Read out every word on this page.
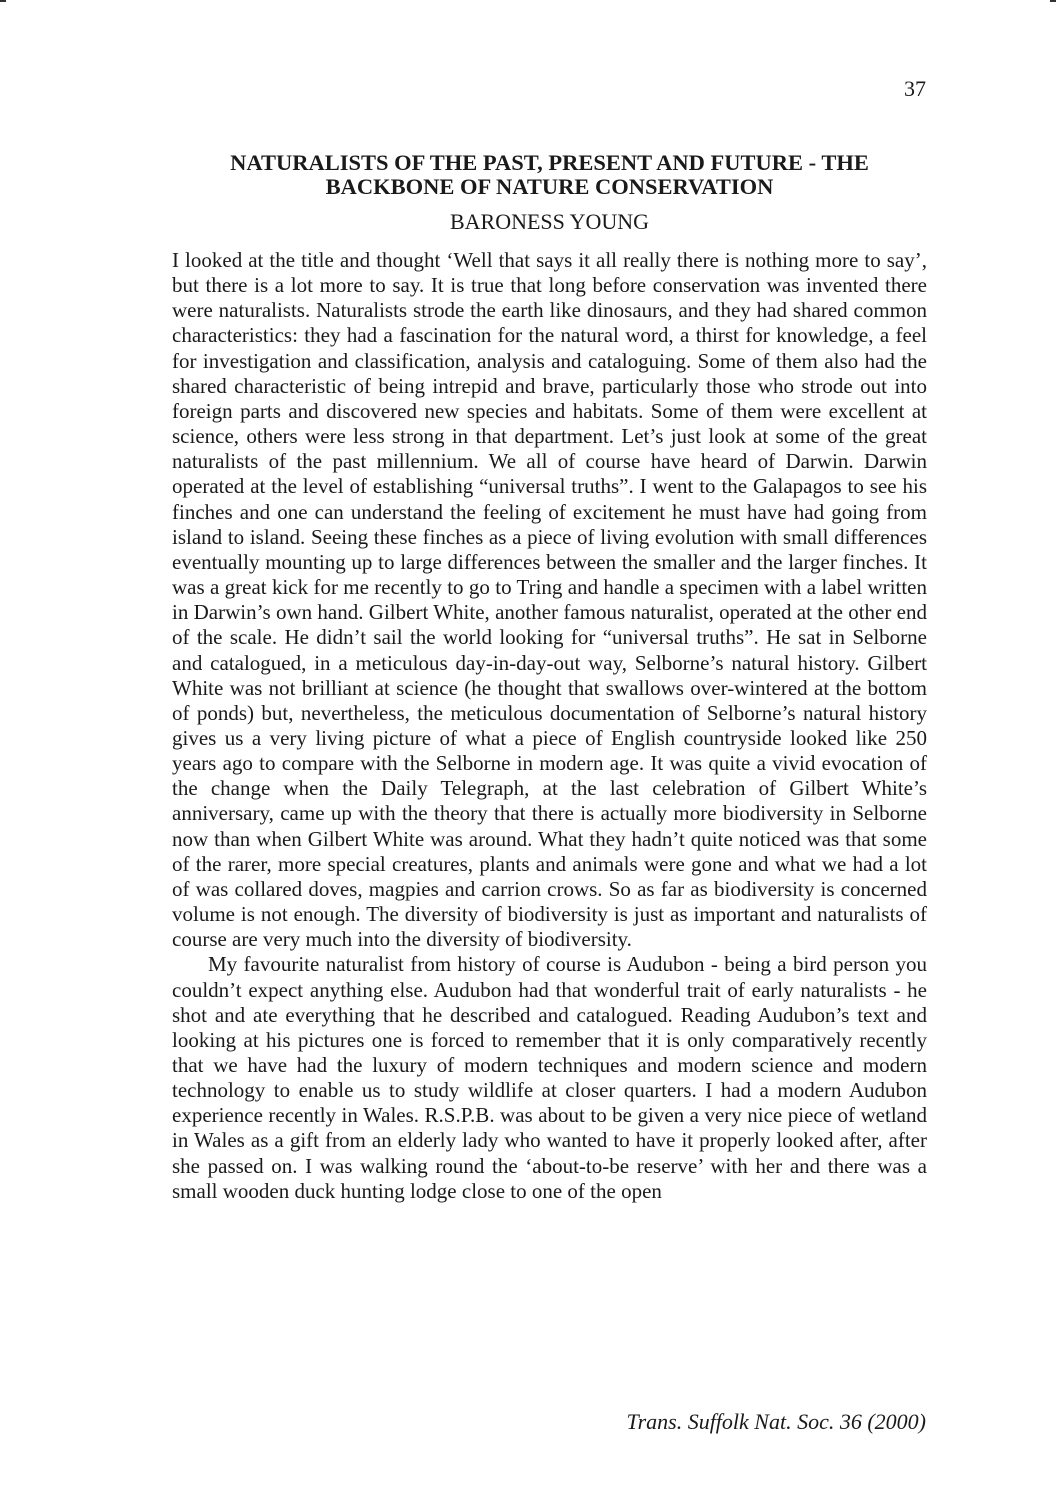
37
NATURALISTS OF THE PAST, PRESENT AND FUTURE - THE BACKBONE OF NATURE CONSERVATION
BARONESS YOUNG

I looked at the title and thought ‘Well that says it all really there is nothing more to say’, but there is a lot more to say. It is true that long before conservation was invented there were naturalists. Naturalists strode the earth like dinosaurs, and they had shared common characteristics: they had a fascination for the natural word, a thirst for knowledge, a feel for investigation and classification, analysis and cataloguing. Some of them also had the shared characteristic of being intrepid and brave, particularly those who strode out into foreign parts and discovered new species and habitats. Some of them were excellent at science, others were less strong in that department. Let’s just look at some of the great naturalists of the past millennium. We all of course have heard of Darwin. Darwin operated at the level of establishing “universal truths”. I went to the Galapagos to see his finches and one can understand the feeling of excitement he must have had going from island to island. Seeing these finches as a piece of living evolution with small differences eventually mounting up to large differences between the smaller and the larger finches. It was a great kick for me recently to go to Tring and handle a specimen with a label written in Darwin’s own hand. Gilbert White, another famous naturalist, operated at the other end of the scale. He didn’t sail the world looking for “universal truths”. He sat in Selborne and catalogued, in a meticulous day-in-day-out way, Selborne’s natural history. Gilbert White was not brilliant at science (he thought that swallows over-wintered at the bottom of ponds) but, nevertheless, the meticulous documentation of Selborne’s natural history gives us a very living picture of what a piece of English countryside looked like 250 years ago to compare with the Selborne in modern age. It was quite a vivid evocation of the change when the Daily Telegraph, at the last celebration of Gilbert White’s anniversary, came up with the theory that there is actually more biodiversity in Selborne now than when Gilbert White was around. What they hadn’t quite noticed was that some of the rarer, more special creatures, plants and animals were gone and what we had a lot of was collared doves, magpies and carrion crows. So as far as biodiversity is concerned volume is not enough. The diversity of biodiversity is just as important and naturalists of course are very much into the diversity of biodiversity.

My favourite naturalist from history of course is Audubon - being a bird person you couldn’t expect anything else. Audubon had that wonderful trait of early naturalists - he shot and ate everything that he described and catalogued. Reading Audubon’s text and looking at his pictures one is forced to remember that it is only comparatively recently that we have had the luxury of modern techniques and modern science and modern technology to enable us to study wildlife at closer quarters. I had a modern Audubon experience recently in Wales. R.S.P.B. was about to be given a very nice piece of wetland in Wales as a gift from an elderly lady who wanted to have it properly looked after, after she passed on. I was walking round the ‘about-to-be reserve’ with her and there was a small wooden duck hunting lodge close to one of the open

Trans. Suffolk Nat. Soc. 36 (2000)
